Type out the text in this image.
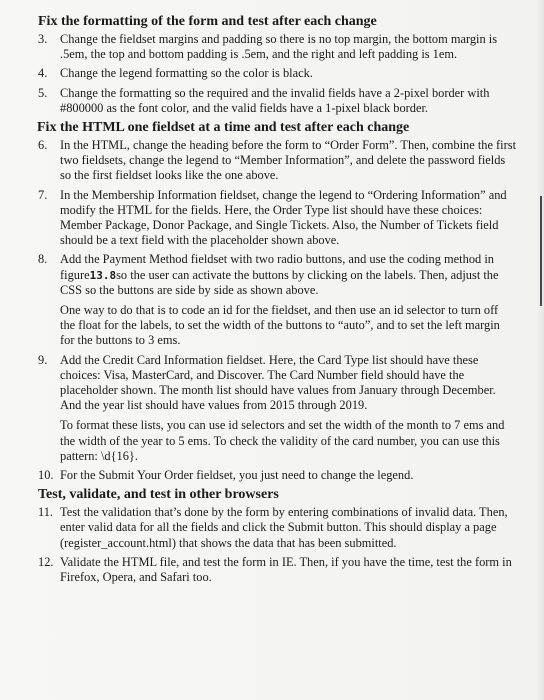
Fix the formatting of the form and test after each change
3.	Change the fieldset margins and padding so there is no top margin, the bottom margin is .5em, the top and bottom padding is .5em, and the right and left padding is 1em.

4.	Change the legend formatting so the color is black.

5.	Change the formatting so the required and the invalid fields have a 2-pixel border with #800000 as the font color, and the valid fields have a 1-pixel black border.

Fix the HTML one fieldset at a time and test after each change
6.	In the HTML, change the heading before the form to “Order Form”. Then, combine the first two fieldsets, change the legend to “Member Information”, and delete the password fields so the first fieldset looks like the one above.

7.	In the Membership Information fieldset, change the legend to “Ordering Information” and modify the HTML for the fields. Here, the Order Type list should have these choices: Member Package, Donor Package, and Single Tickets. Also, the Number of Tickets field should be a text field with the placeholder shown above.

8.	Add the Payment Method fieldset with two radio buttons, and use the coding method in figure13.8so the user can activate the buttons by clicking on the labels. Then, adjust the CSS so the buttons are side by side as shown above.

One way to do that is to code an id for the fieldset, and then use an id selector to turn off the float for the labels, to set the width of the buttons to “auto”, and to set the left margin for the buttons to 3 ems.

9.	Add the Credit Card Information fieldset. Here, the Card Type list should have these choices: Visa, MasterCard, and Discover. The Card Number field should have the placeholder shown. The month list should have values from January through December. And the year list should have values from 2015 through 2019.

To format these lists, you can use id selectors and set the width of the month to 7 ems and the width of the year to 5 ems. To check the validity of the card number, you can use this pattern: \d{16}.

10. For the Submit Your Order fieldset, you just need to change the legend.

Test, validate, and test in other browsers
11. Test the validation that’s done by the form by entering combinations of invalid data. Then, enter valid data for all the fields and click the Submit button. This should display a page (register_account.html) that shows the data that has been submitted.

12. Validate the HTML file, and test the form in IE. Then, if you have the time, test the form in Firefox, Opera, and Safari too.
